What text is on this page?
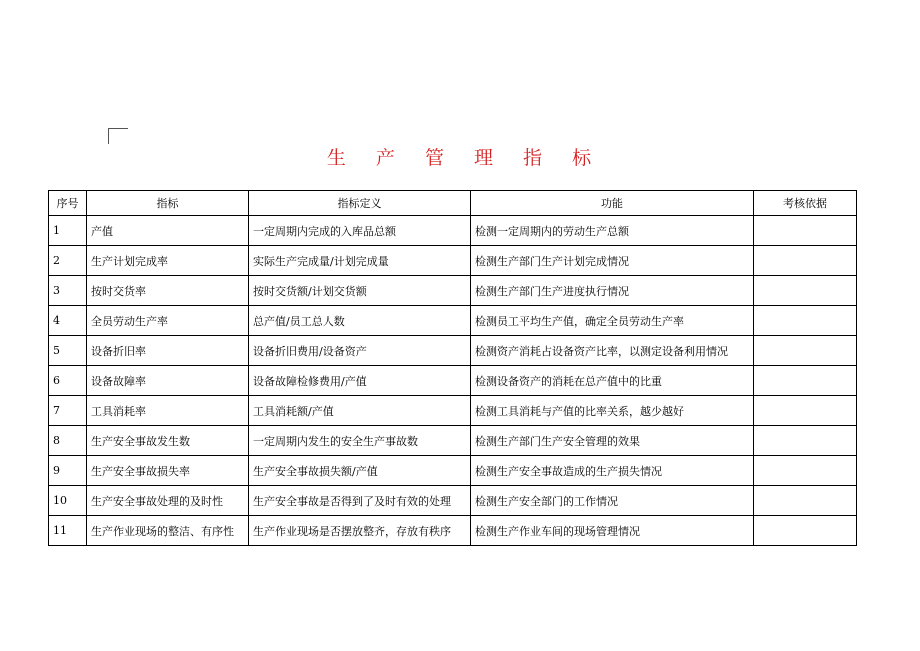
生 产 管 理 指 标
序号	指标	指标定义	功能	考核依据
1	产值	一定周期内完成的入库品总额	检测一定周期内的劳动生产总额	
2	生产计划完成率	实际生产完成量/计划完成量	检测生产部门生产计划完成情况	
3	按时交货率	按时交货额/计划交货额	检测生产部门生产进度执行情况	
4	全员劳动生产率	总产值/员工总人数	检测员工平均生产值，确定全员劳动生产率	
5	设备折旧率	设备折旧费用/设备资产	检测资产消耗占设备资产比率，以测定设备利用情况	
6	设备故障率	设备故障检修费用/产值	检测设备资产的消耗在总产值中的比重	
7	工具消耗率	工具消耗额/产值	检测工具消耗与产值的比率关系，越少越好	
8	生产安全事故发生数	一定周期内发生的安全生产事故数	检测生产部门生产安全管理的效果	
9	生产安全事故损失率	生产安全事故损失额/产值	检测生产安全事故造成的生产损失情况	
10	生产安全事故处理的及时性	生产安全事故是否得到了及时有效的处理	检测生产安全部门的工作情况	
11	生产作业现场的整洁、有序性	生产作业现场是否摆放整齐，存放有秩序	检测生产作业车间的现场管理情况	
